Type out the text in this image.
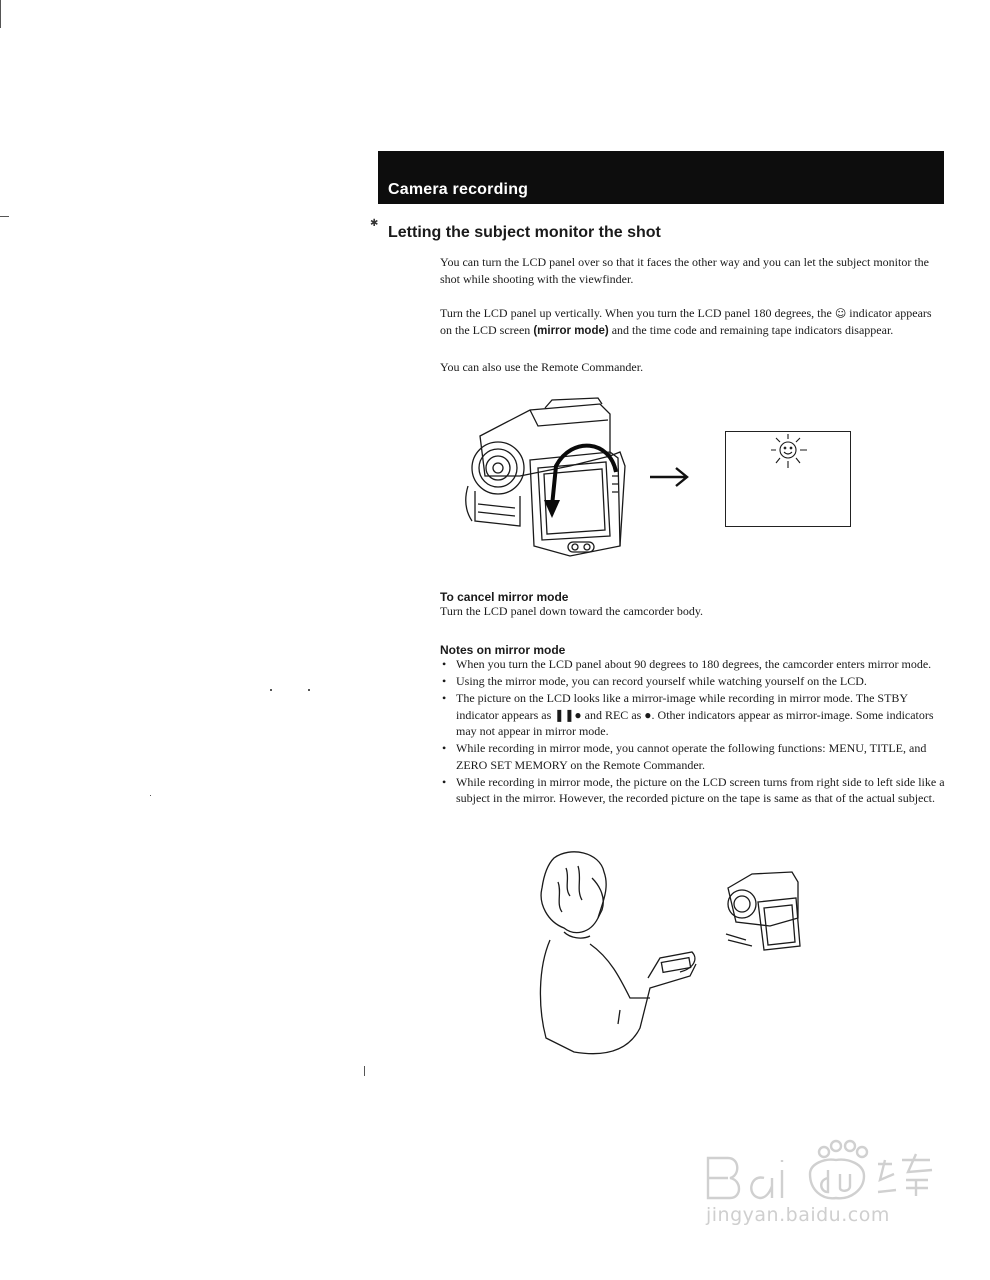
Camera recording
✱
Letting the subject monitor the shot

You can turn the LCD panel over so that it faces the other way and you can let the subject monitor the shot while shooting with the viewfinder.

Turn the LCD panel up vertically. When you turn the LCD panel 180 degrees, the ☺ indicator appears on the LCD screen (mirror mode) and the time code and remaining tape indicators disappear.

You can also use the Remote Commander.

To cancel mirror mode
Turn the LCD panel down toward the camcorder body.
Notes on mirror mode
• When you turn the LCD panel about 90 degrees to 180 degrees, the camcorder enters mirror mode.
• Using the mirror mode, you can record yourself while watching yourself on the LCD.
• The picture on the LCD looks like a mirror-image while recording in mirror mode. The STBY indicator appears as ❚❚● and REC as ●. Other indicators appear as mirror-image. Some indicators may not appear in mirror mode.
• While recording in mirror mode, you cannot operate the following functions: MENU, TITLE, and ZERO SET MEMORY on the Remote Commander.
• While recording in mirror mode, the picture on the LCD screen turns from right side to left side like a subject in the mirror. However, the recorded picture on the tape is same as that of the actual subject.
jingyan.baidu.com
